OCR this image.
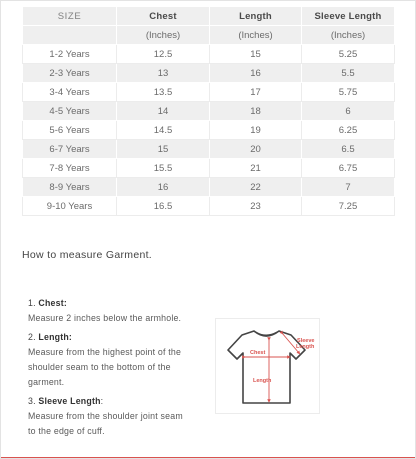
SIZE	Chest	Length	Sleeve Length
	(Inches)	(Inches)	(Inches)
1-2 Years	12.5	15	5.25
2-3 Years	13	16	5.5
3-4 Years	13.5	17	5.75
4-5 Years	14	18	6
5-6 Years	14.5	19	6.25
6-7 Years	15	20	6.5
7-8 Years	15.5	21	6.75
8-9 Years	16	22	7
9-10 Years	16.5	23	7.25
How to measure Garment.
1. Chest:
Measure 2 inches below the armhole.
2. Length:
Measure from the highest point of the
shoulder seam to the bottom of the
garment.
3. Sleeve Length:
Measure from the shoulder joint seam
to the edge of cuff.
Chest
Sleeve
Length
Length
